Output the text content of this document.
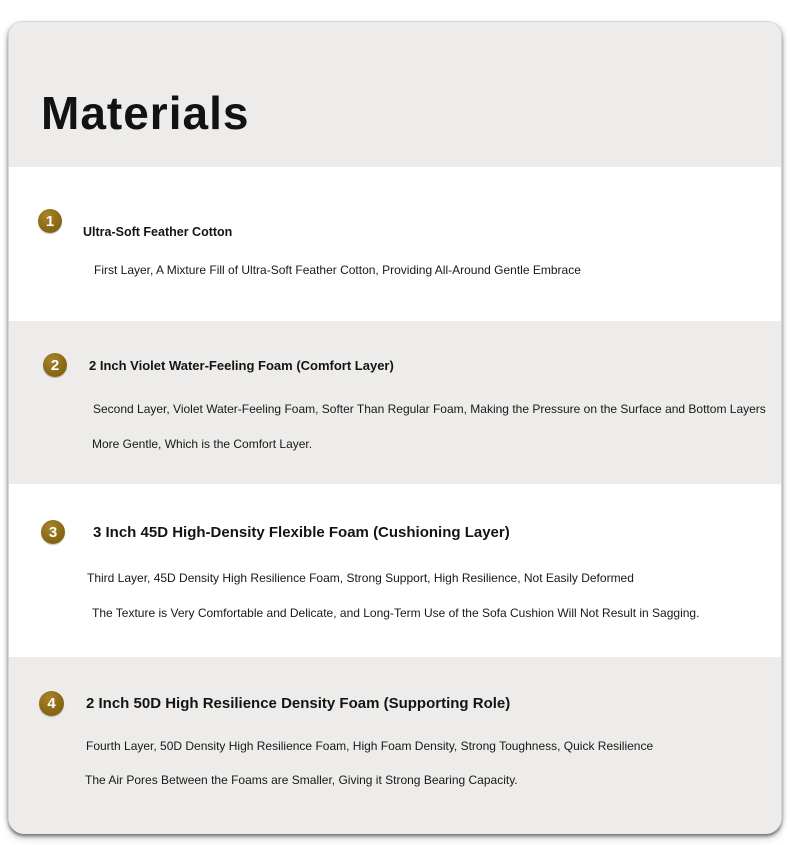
Materials
1
Ultra-Soft Feather Cotton
First Layer, A Mixture Fill of Ultra-Soft Feather Cotton, Providing All-Around Gentle Embrace
2 2 Inch Violet Water-Feeling Foam (Comfort Layer)
Second Layer, Violet Water-Feeling Foam, Softer Than Regular Foam, Making the Pressure on the Surface and Bottom Layers
More Gentle, Which is the Comfort Layer.
3 3 Inch 45D High-Density Flexible Foam (Cushioning Layer)
Third Layer, 45D Density High Resilience Foam, Strong Support, High Resilience, Not Easily Deformed
The Texture is Very Comfortable and Delicate, and Long-Term Use of the Sofa Cushion Will Not Result in Sagging.
4 2 Inch 50D High Resilience Density Foam (Supporting Role)
Fourth Layer, 50D Density High Resilience Foam, High Foam Density, Strong Toughness, Quick Resilience
The Air Pores Between the Foams are Smaller, Giving it Strong Bearing Capacity.
